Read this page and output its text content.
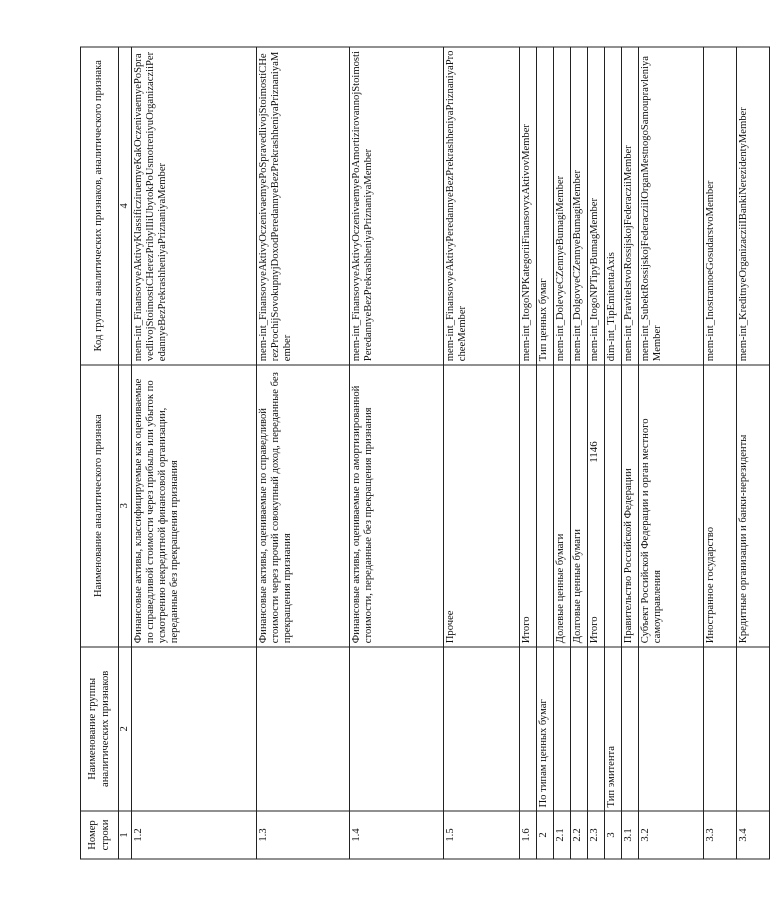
1146
Номер строки	Наименование группы аналитических признаков	Наименование аналитического признака	Код группы аналитических признаков, аналитического признака
1	2	3	4
1.2		Финансовые активы, классифицируемые как оцениваемые по справедливой стоимости через прибыль или убыток по усмотрению некредитной финансовой организации, переданные без прекращения признания	mem-int_FinansovyeAktivyKlassificziruemyeKakOczenivaemyePoSpravedlivojStoimostiCHerezPribylIliUbytokPoUsmotreniyuOrganizacziiPeredannyeBezPrekrashheniyaPriznaniyaMember
1.3		Финансовые активы, оцениваемые по справедливой стоимости через прочий совокупный доход, переданные без прекращения признания	mem-int_FinansovyeAktivyOczenivaemyePoSpravedlivojStoimostiCHerezProchijSovokupnyjDoxodPeredannyeBezPrekrashheniyaPriznaniyaMember
1.4		Финансовые активы, оцениваемые по амортизированной стоимости, переданные без прекращения признания	mem-int_FinansovyeAktivyOczenivaemyePoAmortizirovannojStoimostiPeredannyeBezPrekrashheniyaPriznaniyaMember
1.5		Прочее	mem-int_FinansovyeAktivyPeredannyeBezPrekrashheniyaPriznaniyaProcheeMember
1.6		Итого	mem-int_ItogoNPKategoriiFinansovyxAktivovMember
2	По типам ценных бумаг		Тип ценных бумаг
2.1		Долевые ценные бумаги	mem-int_DolevyeCZennyeBumagiMember
2.2		Долговые ценные бумаги	mem-int_DolgovyeCZennyeBumagiMember
2.3		Итого	mem-int_ItogoNPTipyBumagMember
3	Тип эмитента		dim-int_TipEmitentaAxis
3.1		Правительство Российской Федерации	mem-int_PravitelstvoRossijskojFederacziiMember
3.2		Субъект Российской Федерации и орган местного самоуправления	mem-int_SubektRossijskojFederacziiIOrganMestnogoSamoupravleniyaMember
3.3		Иностранное государство	mem-int_InostrannoeGosudarstvoMember
3.4		Кредитные организации и банки-нерезиденты	mem-int_KreditnyeOrganizacziiIBankiNerezidentyMember
